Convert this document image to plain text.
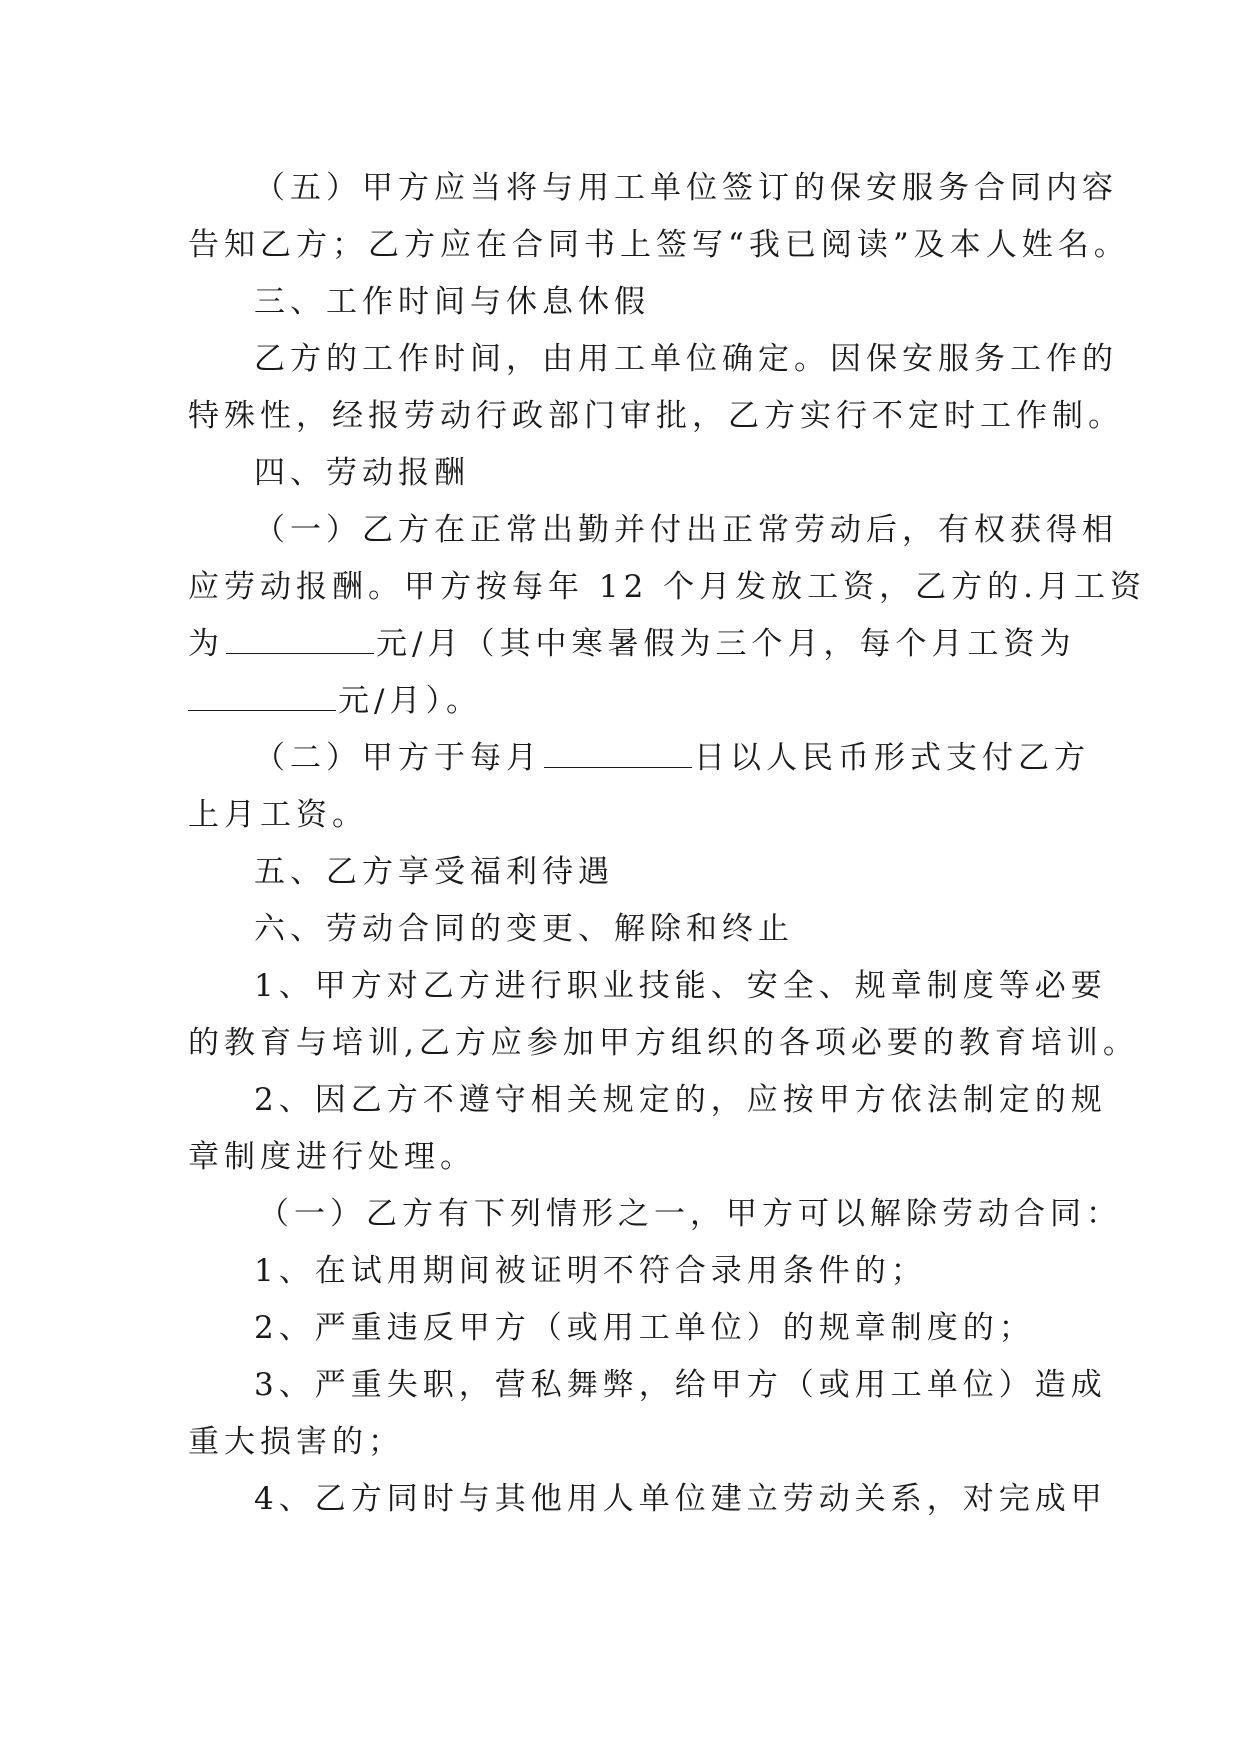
（五）甲方应当将与用工单位签订的保安服务合同内容
告知乙方；乙方应在合同书上签写“我已阅读”及本人姓名。
三、工作时间与休息休假
乙方的工作时间，由用工单位确定。因保安服务工作的
特殊性，经报劳动行政部门审批，乙方实行不定时工作制。
四、劳动报酬
（一）乙方在正常出勤并付出正常劳动后，有权获得相
应劳动报酬。甲方按每年 12 个月发放工资，乙方的.月工资
为	元/月（其中寒暑假为三个月，每个月工资为
元/月）。
（二）甲方于每月	日以人民币形式支付乙方
上月工资。
五、乙方享受福利待遇
六、劳动合同的变更、解除和终止
1、甲方对乙方进行职业技能、安全、规章制度等必要
的教育与培训,乙方应参加甲方组织的各项必要的教育培训。
2、因乙方不遵守相关规定的，应按甲方依法制定的规
章制度进行处理。
（一）乙方有下列情形之一，甲方可以解除劳动合同：
1、在试用期间被证明不符合录用条件的；
2、严重违反甲方（或用工单位）的规章制度的；
3、严重失职，营私舞弊，给甲方（或用工单位）造成
重大损害的；
4、乙方同时与其他用人单位建立劳动关系，对完成甲
